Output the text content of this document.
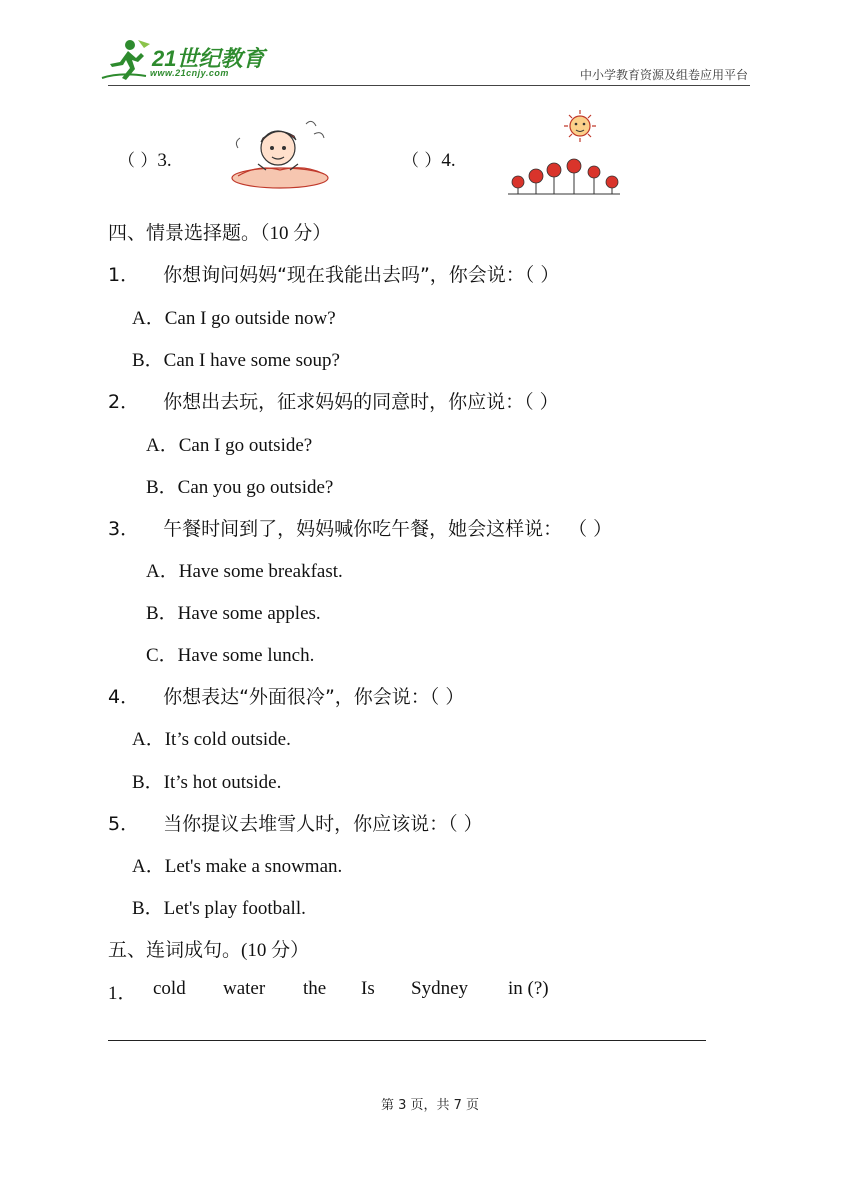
21世纪教育
www.21cnjy.com	中小学教育资源及组卷应用平台
（ ）3.	（ ）4.
四、情景选择题。（10 分）
1． 你想询问妈妈“现在我能出去吗”，你会说：（ ）
A．Can I go outside now?
B．Can I have some soup?
2． 你想出去玩，征求妈妈的同意时，你应说：（ ）
A．Can I go outside?
B．Can you go outside?
3． 午餐时间到了，妈妈喊你吃午餐，她会这样说： （ ）
A．Have some breakfast.
B．Have some apples.
C．Have some lunch.
4． 你想表达“外面很冷”，你会说：（ ）
A．It’s cold outside.
B．It’s hot outside.
5． 当你提议去堆雪人时，你应该说：（ ）
A．Let's make a snowman.
B．Let's play football.
五、连词成句。(10 分）
1． cold water the Is Sydney in (?)
第 3 页，共 7 页
